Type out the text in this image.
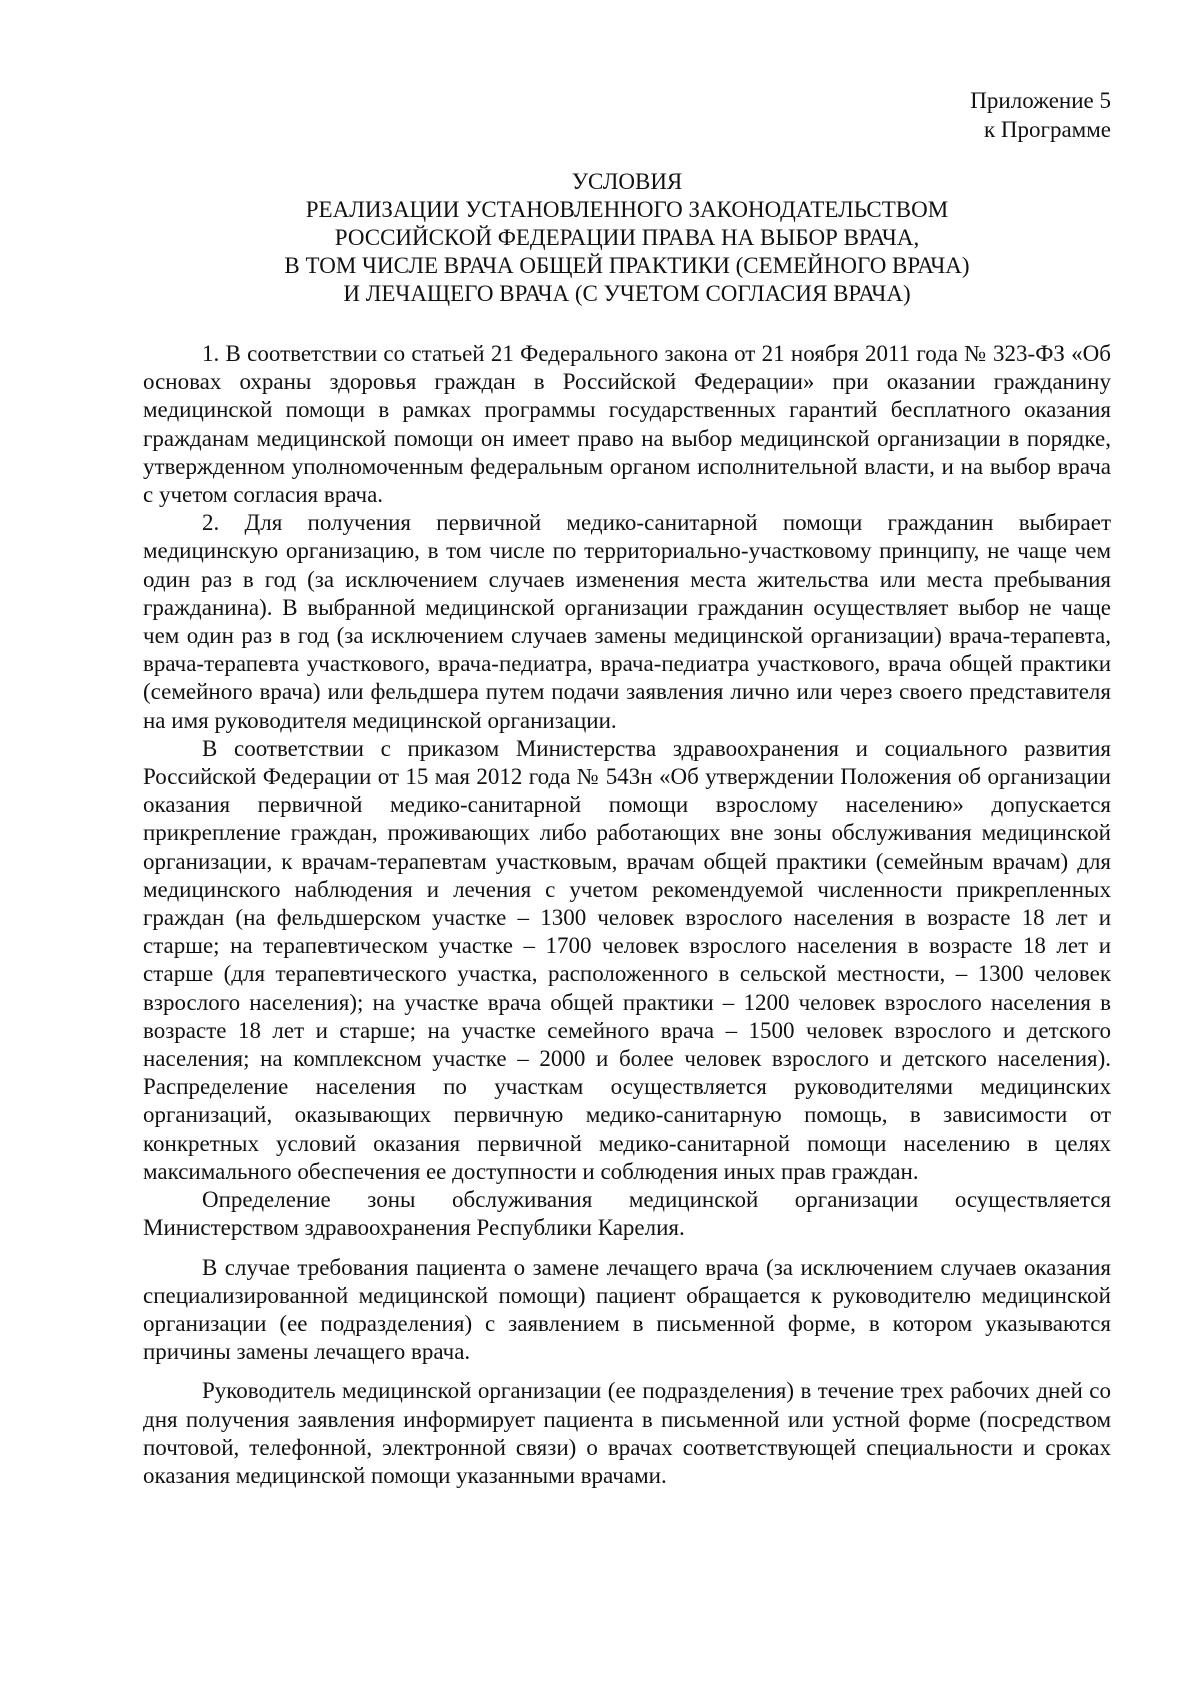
Приложение 5
к Программе
УСЛОВИЯ
РЕАЛИЗАЦИИ УСТАНОВЛЕННОГО ЗАКОНОДАТЕЛЬСТВОМ
РОССИЙСКОЙ ФЕДЕРАЦИИ ПРАВА НА ВЫБОР ВРАЧА,
В ТОМ ЧИСЛЕ ВРАЧА ОБЩЕЙ ПРАКТИКИ (СЕМЕЙНОГО ВРАЧА)
И ЛЕЧАЩЕГО ВРАЧА (С УЧЕТОМ СОГЛАСИЯ ВРАЧА)

1. В соответствии со статьей 21 Федерального закона от 21 ноября 2011 года № 323-ФЗ «Об основах охраны здоровья граждан в Российской Федерации» при оказании гражданину медицинской помощи в рамках программы государственных гарантий бесплатного оказания гражданам медицинской помощи он имеет право на выбор медицинской организации в порядке, утвержденном уполномоченным федеральным органом исполнительной власти, и на выбор врача с учетом согласия врача.

2. Для получения первичной медико-санитарной помощи гражданин выбирает медицинскую организацию, в том числе по территориально-участковому принципу, не чаще чем один раз в год (за исключением случаев изменения места жительства или места пребывания гражданина). В выбранной медицинской организации гражданин осуществляет выбор не чаще чем один раз в год (за исключением случаев замены медицинской организации) врача-терапевта, врача-терапевта участкового, врача-педиатра, врача-педиатра участкового, врача общей практики (семейного врача) или фельдшера путем подачи заявления лично или через своего представителя на имя руководителя медицинской организации.

В соответствии с приказом Министерства здравоохранения и социального развития Российской Федерации от 15 мая 2012 года № 543н «Об утверждении Положения об организации оказания первичной медико-санитарной помощи взрослому населению» допускается прикрепление граждан, проживающих либо работающих вне зоны обслуживания медицинской организации, к врачам-терапевтам участковым, врачам общей практики (семейным врачам) для медицинского наблюдения и лечения с учетом рекомендуемой численности прикрепленных граждан (на фельдшерском участке – 1300 человек взрослого населения в возрасте 18 лет и старше; на терапевтическом участке – 1700 человек взрослого населения в возрасте 18 лет и старше (для терапевтического участка, расположенного в сельской местности, – 1300 человек взрослого населения); на участке врача общей практики – 1200 человек взрослого населения в возрасте 18 лет и старше; на участке семейного врача – 1500 человек взрослого и детского населения; на комплексном участке – 2000 и более человек взрослого и детского населения). Распределение населения по участкам осуществляется руководителями медицинских организаций, оказывающих первичную медико-санитарную помощь, в зависимости от конкретных условий оказания первичной медико-санитарной помощи населению в целях максимального обеспечения ее доступности и соблюдения иных прав граждан.

Определение зоны обслуживания медицинской организации осуществляется Министерством здравоохранения Республики Карелия.

В случае требования пациента о замене лечащего врача (за исключением случаев оказания специализированной медицинской помощи) пациент обращается к руководителю медицинской организации (ее подразделения) с заявлением в письменной форме, в котором указываются причины замены лечащего врача.

Руководитель медицинской организации (ее подразделения) в течение трех рабочих дней со дня получения заявления информирует пациента в письменной или устной форме (посредством почтовой, телефонной, электронной связи) о врачах соответствующей специальности и сроках оказания медицинской помощи указанными врачами.
